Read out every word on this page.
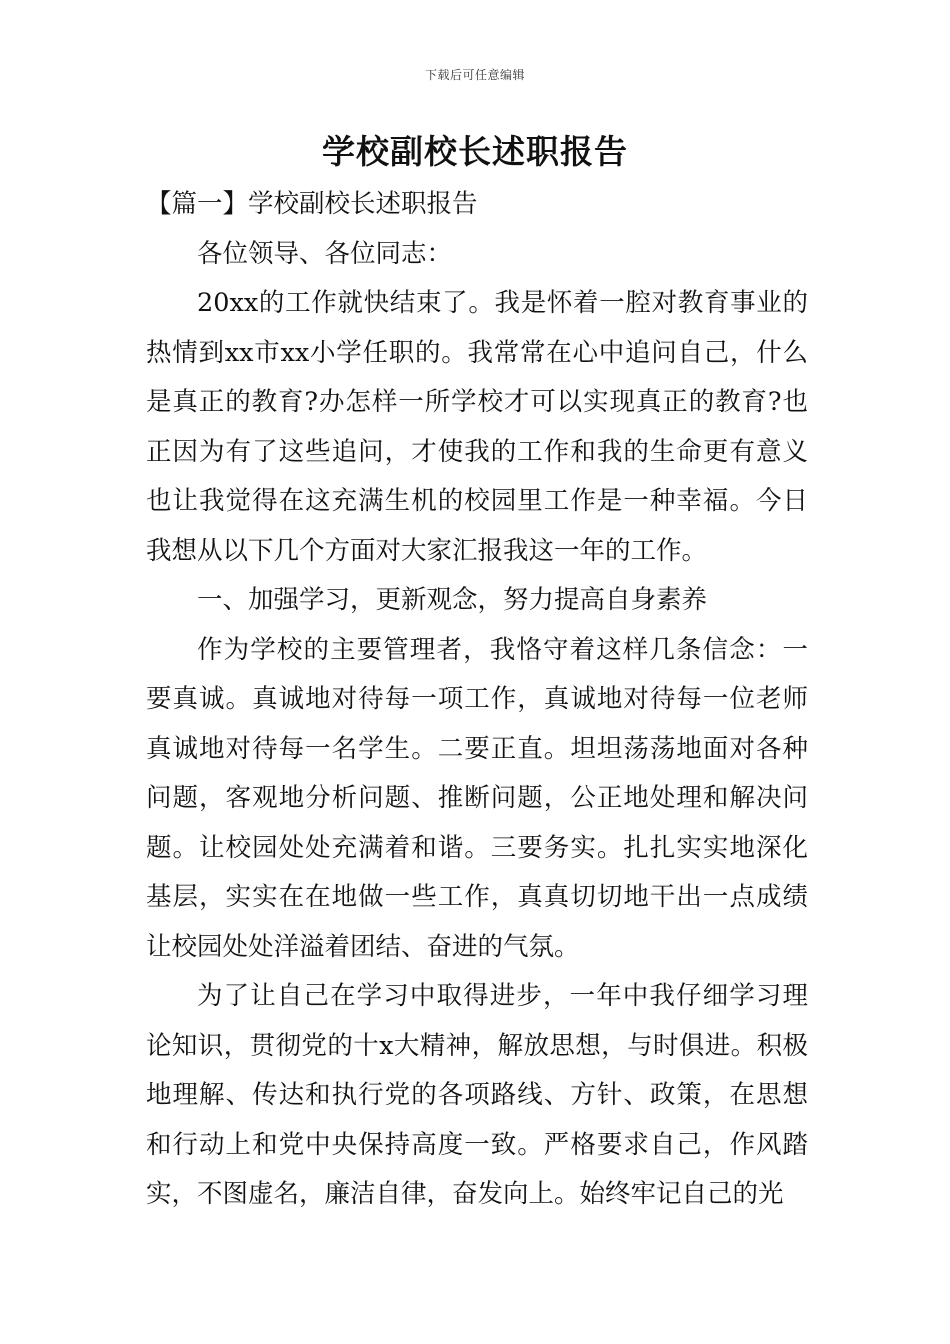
下载后可任意编辑
学校副校长述职报告

【篇一】学校副校长述职报告

各位领导、各位同志：

20xx的工作就快结束了。我是怀着一腔对教育事业的热情到xx市xx小学任职的。我常常在心中追问自己，什么是真正的教育?办怎样一所学校才可以实现真正的教育?也正因为有了这些追问，才使我的工作和我的生命更有意义也让我觉得在这充满生机的校园里工作是一种幸福。今日我想从以下几个方面对大家汇报我这一年的工作。

一、加强学习，更新观念，努力提高自身素养

作为学校的主要管理者，我恪守着这样几条信念：一要真诚。真诚地对待每一项工作，真诚地对待每一位老师真诚地对待每一名学生。二要正直。坦坦荡荡地面对各种问题，客观地分析问题、推断问题，公正地处理和解决问题。让校园处处充满着和谐。三要务实。扎扎实实地深化基层，实实在在地做一些工作，真真切切地干出一点成绩让校园处处洋溢着团结、奋进的气氛。

为了让自己在学习中取得进步，一年中我仔细学习理论知识，贯彻党的十x大精神，解放思想，与时俱进。积极地理解、传达和执行党的各项路线、方针、政策，在思想和行动上和党中央保持高度一致。严格要求自己，作风踏实，不图虚名，廉洁自律，奋发向上。始终牢记自己的光
